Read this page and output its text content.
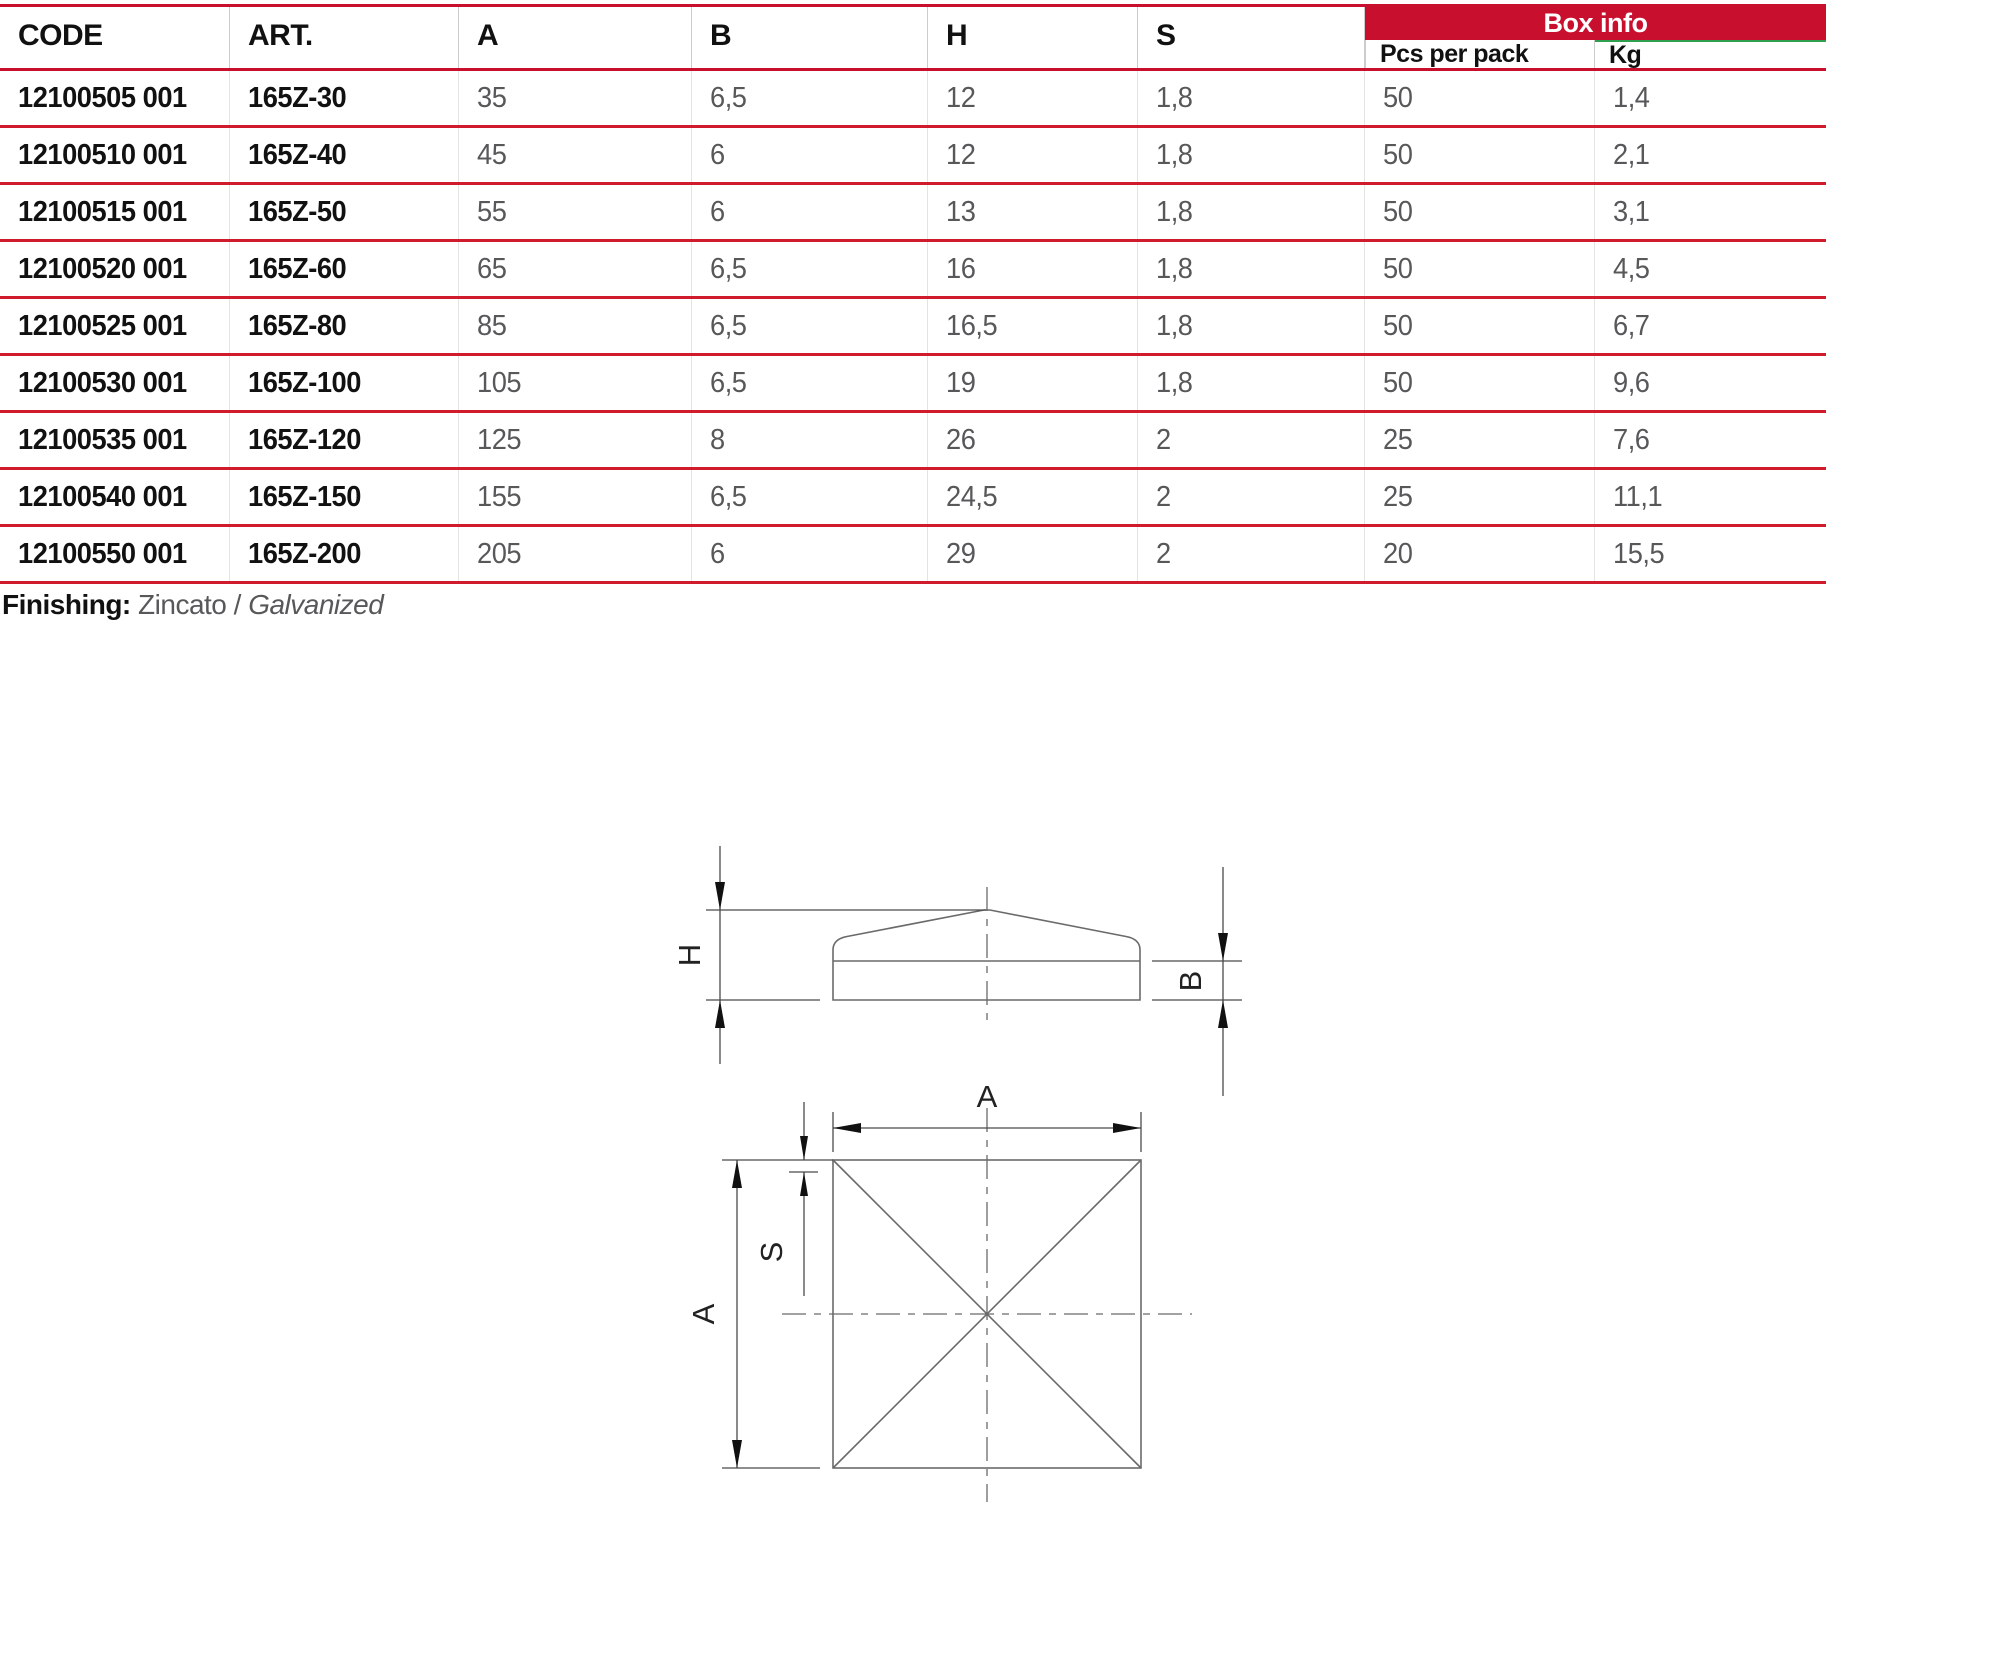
CODE	ART.	A	B	H	S	Box info
Pcs per pack	Kg
12100505 001 165Z-30	35	6,5	12	1,8	50	1,4
12100510 001 165Z-40	45	6	12	1,8	50	2,1
12100515 001 165Z-50	55	6	13	1,8	50	3,1
12100520 001 165Z-60	65	6,5	16	1,8	50	4,5
12100525 001 165Z-80	85	6,5	16,5	1,8	50	6,7
12100530 001 165Z-100	105	6,5	19	1,8	50	9,6
12100535 001 165Z-120	125	8	26	2	25	7,6
12100540 001 165Z-150	155	6,5	24,5	2	25	11,1
12100550 001 165Z-200	205	6	29	2	20	15,5
Finishing: Zincato / Galvanized
H
B
A
A
S
